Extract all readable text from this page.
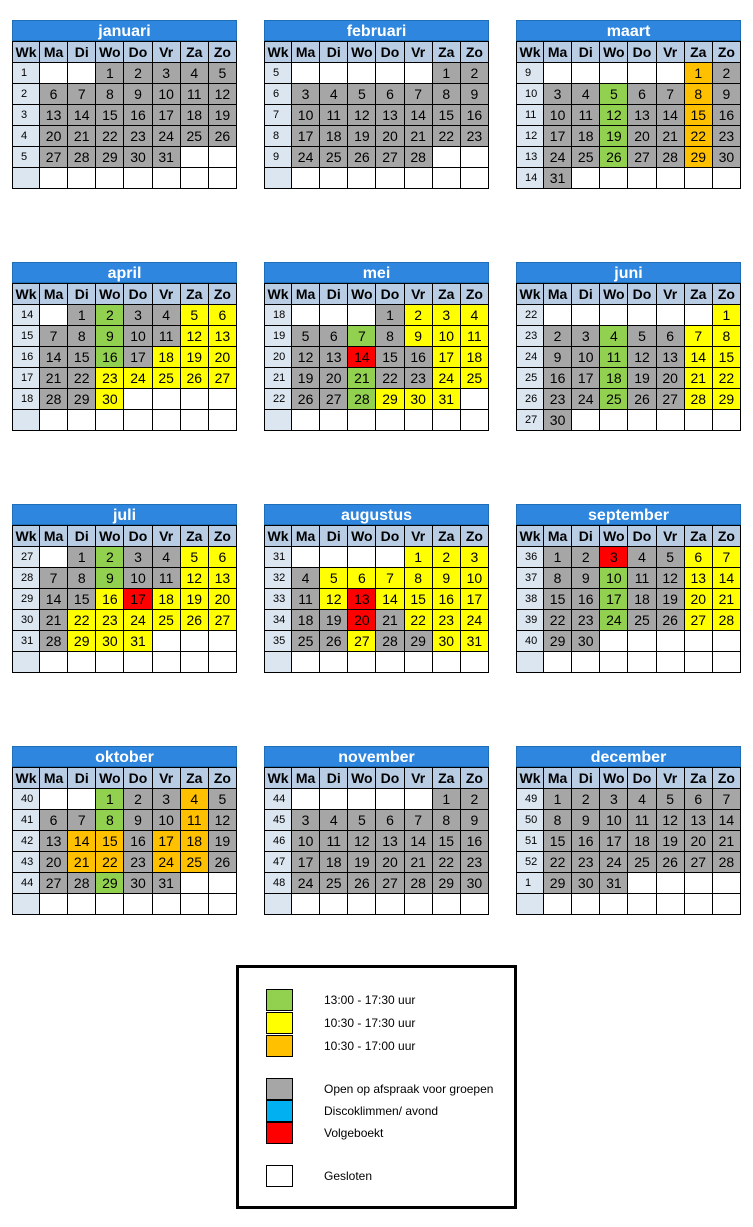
januari
Wk	Ma	Di	Wo	Do	Vr	Za	Zo
1			1	2	3	4	5
2	6	7	8	9	10	11	12
3	13	14	15	16	17	18	19
4	20	21	22	23	24	25	26
5	27	28	29	30	31		

februari
Wk	Ma	Di	Wo	Do	Vr	Za	Zo
5						1	2
6	3	4	5	6	7	8	9
7	10	11	12	13	14	15	16
8	17	18	19	20	21	22	23
9	24	25	26	27	28		

maart
Wk	Ma	Di	Wo	Do	Vr	Za	Zo
9						1	2
10	3	4	5	6	7	8	9
11	10	11	12	13	14	15	16
12	17	18	19	20	21	22	23
13	24	25	26	27	28	29	30
14	31						
april
Wk	Ma	Di	Wo	Do	Vr	Za	Zo
14		1	2	3	4	5	6
15	7	8	9	10	11	12	13
16	14	15	16	17	18	19	20
17	21	22	23	24	25	26	27
18	28	29	30				

mei
Wk	Ma	Di	Wo	Do	Vr	Za	Zo
18				1	2	3	4
19	5	6	7	8	9	10	11
20	12	13	14	15	16	17	18
21	19	20	21	22	23	24	25
22	26	27	28	29	30	31	

juni
Wk	Ma	Di	Wo	Do	Vr	Za	Zo
22							1
23	2	3	4	5	6	7	8
24	9	10	11	12	13	14	15
25	16	17	18	19	20	21	22
26	23	24	25	26	27	28	29
27	30						
juli
Wk	Ma	Di	Wo	Do	Vr	Za	Zo
27		1	2	3	4	5	6
28	7	8	9	10	11	12	13
29	14	15	16	17	18	19	20
30	21	22	23	24	25	26	27
31	28	29	30	31			

augustus
Wk	Ma	Di	Wo	Do	Vr	Za	Zo
31					1	2	3
32	4	5	6	7	8	9	10
33	11	12	13	14	15	16	17
34	18	19	20	21	22	23	24
35	25	26	27	28	29	30	31

september
Wk	Ma	Di	Wo	Do	Vr	Za	Zo
36	1	2	3	4	5	6	7
37	8	9	10	11	12	13	14
38	15	16	17	18	19	20	21
39	22	23	24	25	26	27	28
40	29	30					

oktober
Wk	Ma	Di	Wo	Do	Vr	Za	Zo
40			1	2	3	4	5
41	6	7	8	9	10	11	12
42	13	14	15	16	17	18	19
43	20	21	22	23	24	25	26
44	27	28	29	30	31		

november
Wk	Ma	Di	Wo	Do	Vr	Za	Zo
44						1	2
45	3	4	5	6	7	8	9
46	10	11	12	13	14	15	16
47	17	18	19	20	21	22	23
48	24	25	26	27	28	29	30

december
Wk	Ma	Di	Wo	Do	Vr	Za	Zo
49	1	2	3	4	5	6	7
50	8	9	10	11	12	13	14
51	15	16	17	18	19	20	21
52	22	23	24	25	26	27	28
1	29	30	31				

13:00 - 17:30 uur
10:30 - 17:30 uur
10:30 - 17:00 uur
Open op afspraak voor groepen
Discoklimmen/ avond
Volgeboekt
Gesloten
